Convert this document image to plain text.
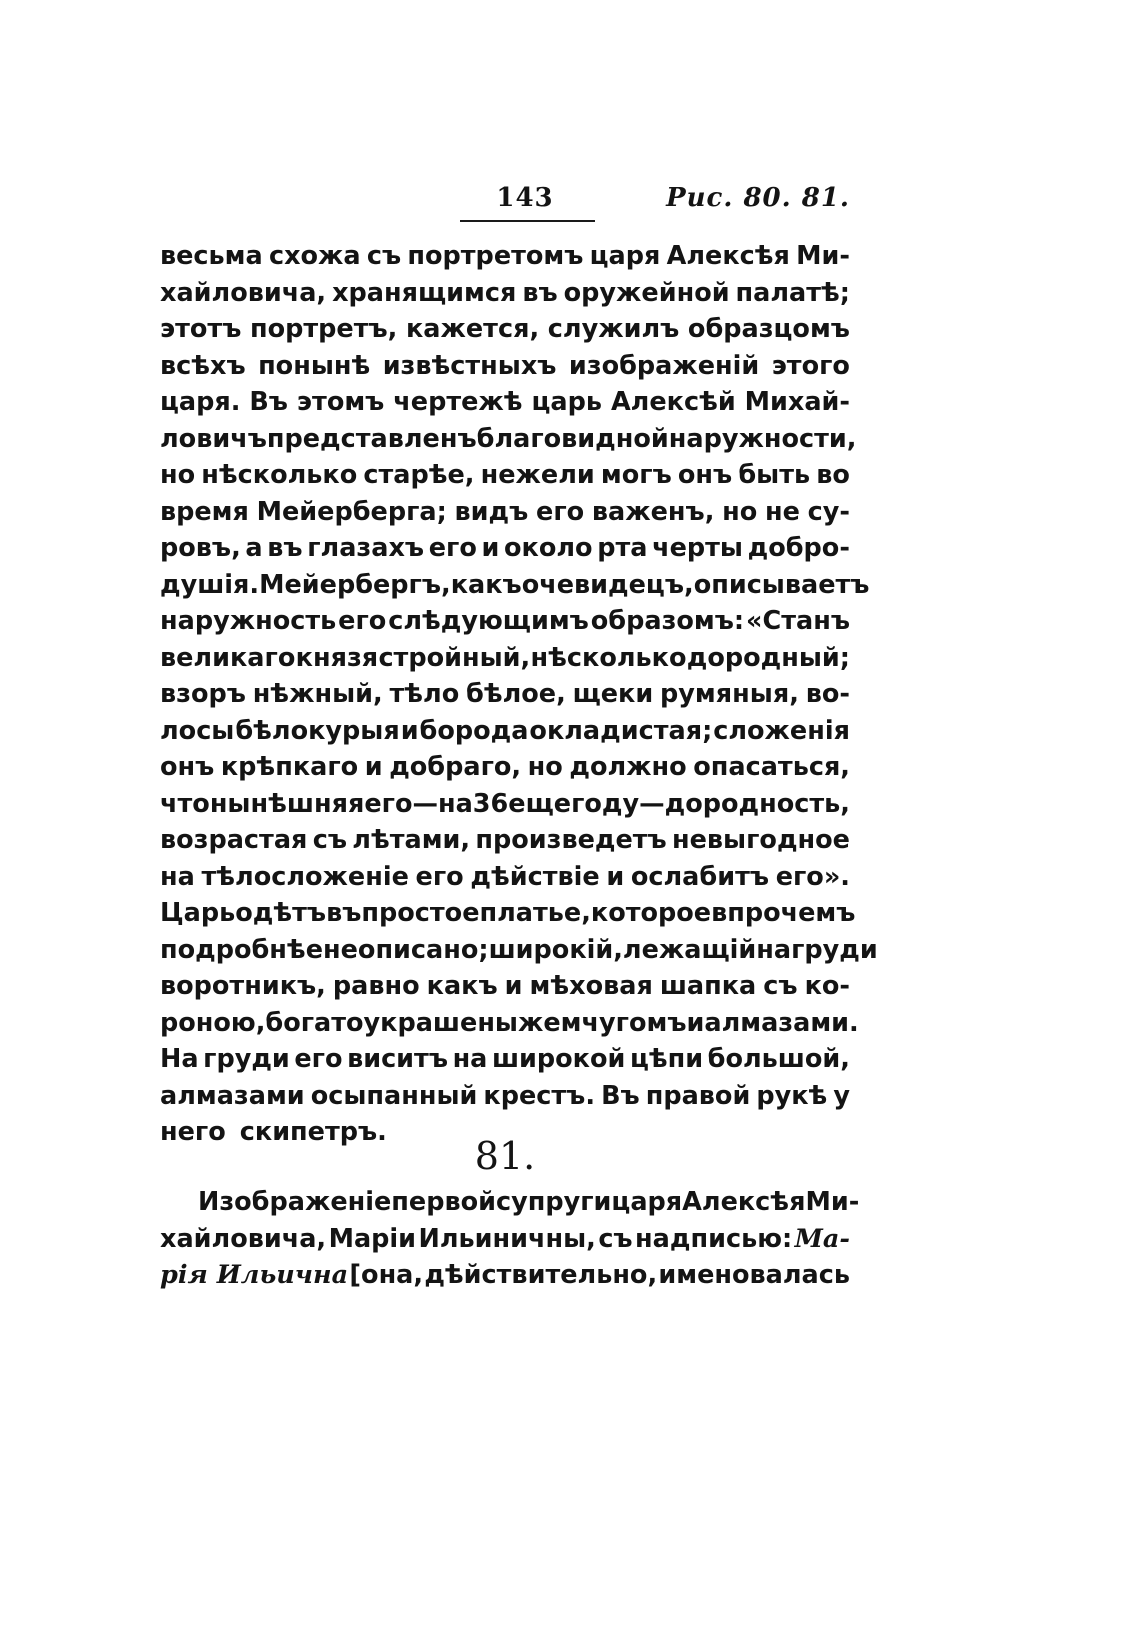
143	Рис. 80. 81.
весьма схожа съ портретомъ царя Алексѣя Ми-
хайловича, хранящимся въ оружейной палатѣ;
этотъ портретъ, кажется, служилъ образцомъ
всѣхъ понынѣ извѣстныхъ изображеній этого
царя. Въ этомъ чертежѣ царь Алексѣй Михай-
ловичъ представленъ благовидной наружности,
но нѣсколько старѣе, нежели могъ онъ быть во
время Мейерберга; видъ его важенъ, но не су-
ровъ, а въ глазахъ его и около рта черты добро-
душія. Мейербергъ, какъ очевидецъ, описываетъ
наружность его слѣдующимъ образомъ: «Станъ
великаго князя стройный, нѣсколько дородный;
взоръ нѣжный, тѣло бѣлое, щеки румяныя, во-
лосы бѣлокурыя и борода окладистая; сложенія
онъ крѣпкаго и добраго, но должно опасаться,
что нынѣшняя его—на 36 еще году—дородность,
возрастая съ лѣтами, произведетъ невыгодное
на тѣлосложеніе его дѣйствіе и ослабитъ его».
Царь одѣтъ въ простое платье, которое впрочемъ
подробнѣе не описано; широкій, лежащій на груди
воротникъ, равно какъ и мѣховая шапка съ ко-
роною, богато украшены жемчугомъ и алмазами.
На груди его виситъ на широкой цѣпи большой,
алмазами осыпанный крестъ. Въ правой рукѣ у
него скипетръ.
81.
Изображеніе первой супруги царя Алексѣя Ми-
хайловича, Маріи Ильиничны, съ надписью: Ма-
рія Ильична [она, дѣйствительно, именовалась
